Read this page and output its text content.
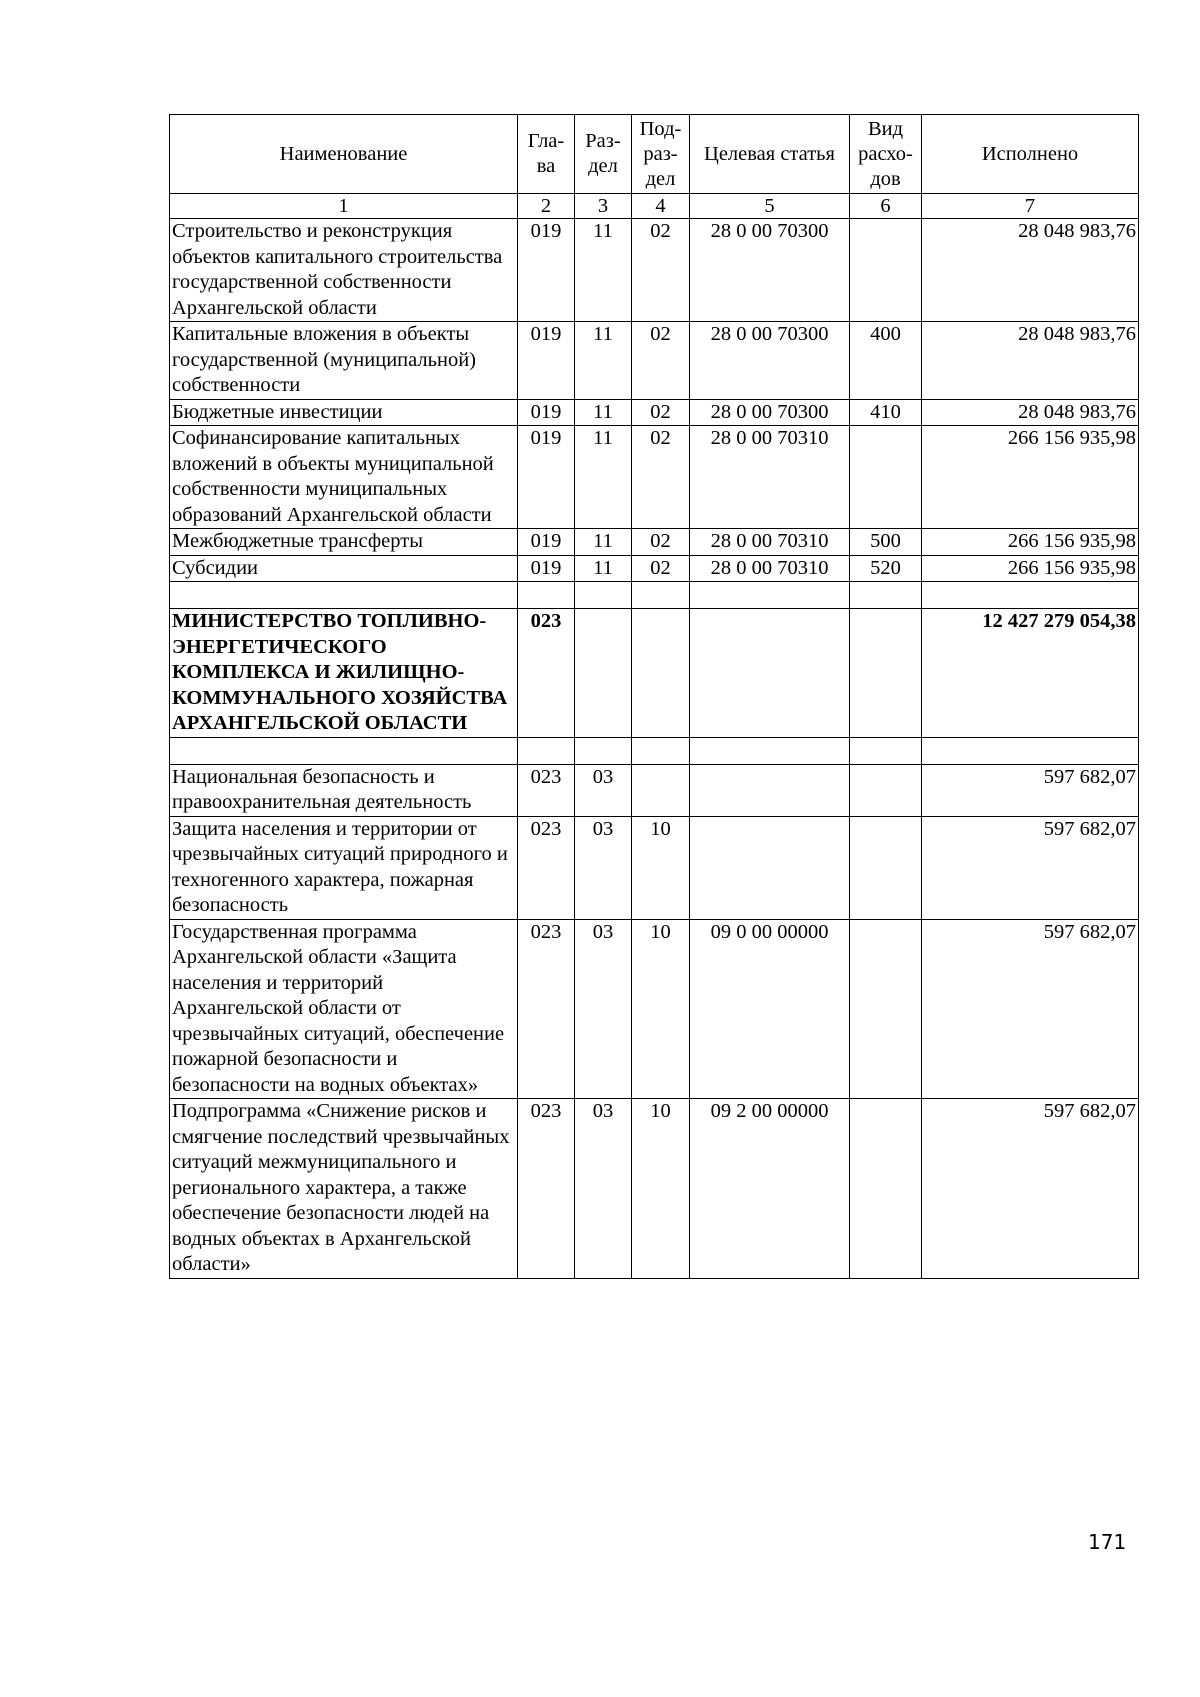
Наименование	Гла-ва	Раз-дел	Под-раз-дел	Целевая статья	Вид расхо-дов	Исполнено
1	2	3	4	5	6	7
Строительство и реконструкция объектов капитального строительства государственной собственности Архангельской области	019	11	02	28 0 00 70300		28 048 983,76
Капитальные вложения в объекты государственной (муниципальной) собственности	019	11	02	28 0 00 70300	400	28 048 983,76
Бюджетные инвестиции	019	11	02	28 0 00 70300	410	28 048 983,76
Софинансирование капитальных вложений в объекты муниципальной собственности муниципальных образований Архангельской области	019	11	02	28 0 00 70310		266 156 935,98
Межбюджетные трансферты	019	11	02	28 0 00 70310	500	266 156 935,98
Субсидии	019	11	02	28 0 00 70310	520	266 156 935,98

МИНИСТЕРСТВО ТОПЛИВНО-ЭНЕРГЕТИЧЕСКОГО КОМПЛЕКСА И ЖИЛИЩНО-КОММУНАЛЬНОГО ХОЗЯЙСТВА АРХАНГЕЛЬСКОЙ ОБЛАСТИ	023					12 427 279 054,38

Национальная безопасность и правоохранительная деятельность	023	03				597 682,07
Защита населения и территории от чрезвычайных ситуаций природного и техногенного характера, пожарная безопасность	023	03	10			597 682,07
Государственная программа Архангельской области «Защита населения и территорий Архангельской области от чрезвычайных ситуаций, обеспечение пожарной безопасности и безопасности на водных объектах»	023	03	10	09 0 00 00000		597 682,07
Подпрограмма «Снижение рисков и смягчение последствий чрезвычайных ситуаций межмуниципального и регионального характера, а также обеспечение безопасности людей на водных объектах в Архангельской области»	023	03	10	09 2 00 00000		597 682,07
171
